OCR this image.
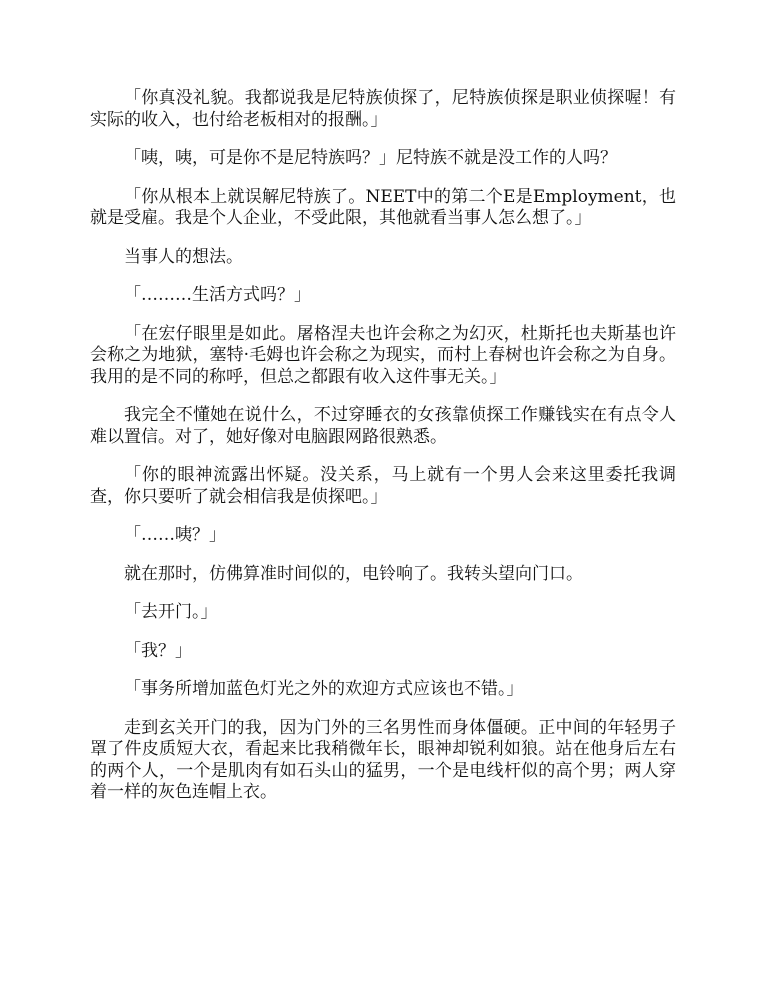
「你真没礼貌。我都说我是尼特族侦探了，尼特族侦探是职业侦探喔！有实际的收入，也付给老板相对的报酬。」

「咦，咦，可是你不是尼特族吗？」尼特族不就是没工作的人吗？

「你从根本上就误解尼特族了。NEET中的第二个E是Employment，也就是受雇。我是个人企业，不受此限，其他就看当事人怎么想了。」

当事人的想法。

「………生活方式吗？」

「在宏仔眼里是如此。屠格涅夫也许会称之为幻灭，杜斯托也夫斯基也许会称之为地狱，塞特·毛姆也许会称之为现实，而村上春树也许会称之为自身。我用的是不同的称呼，但总之都跟有收入这件事无关。」

我完全不懂她在说什么，不过穿睡衣的女孩靠侦探工作赚钱实在有点令人难以置信。对了，她好像对电脑跟网路很熟悉。

「你的眼神流露出怀疑。没关系，马上就有一个男人会来这里委托我调查，你只要听了就会相信我是侦探吧。」

「……咦？」

就在那时，仿佛算准时间似的，电铃响了。我转头望向门口。

「去开门。」

「我？」

「事务所增加蓝色灯光之外的欢迎方式应该也不错。」

走到玄关开门的我，因为门外的三名男性而身体僵硬。正中间的年轻男子罩了件皮质短大衣，看起来比我稍微年长，眼神却锐利如狼。站在他身后左右的两个人，一个是肌肉有如石头山的猛男，一个是电线杆似的高个男；两人穿着一样的灰色连帽上衣。
